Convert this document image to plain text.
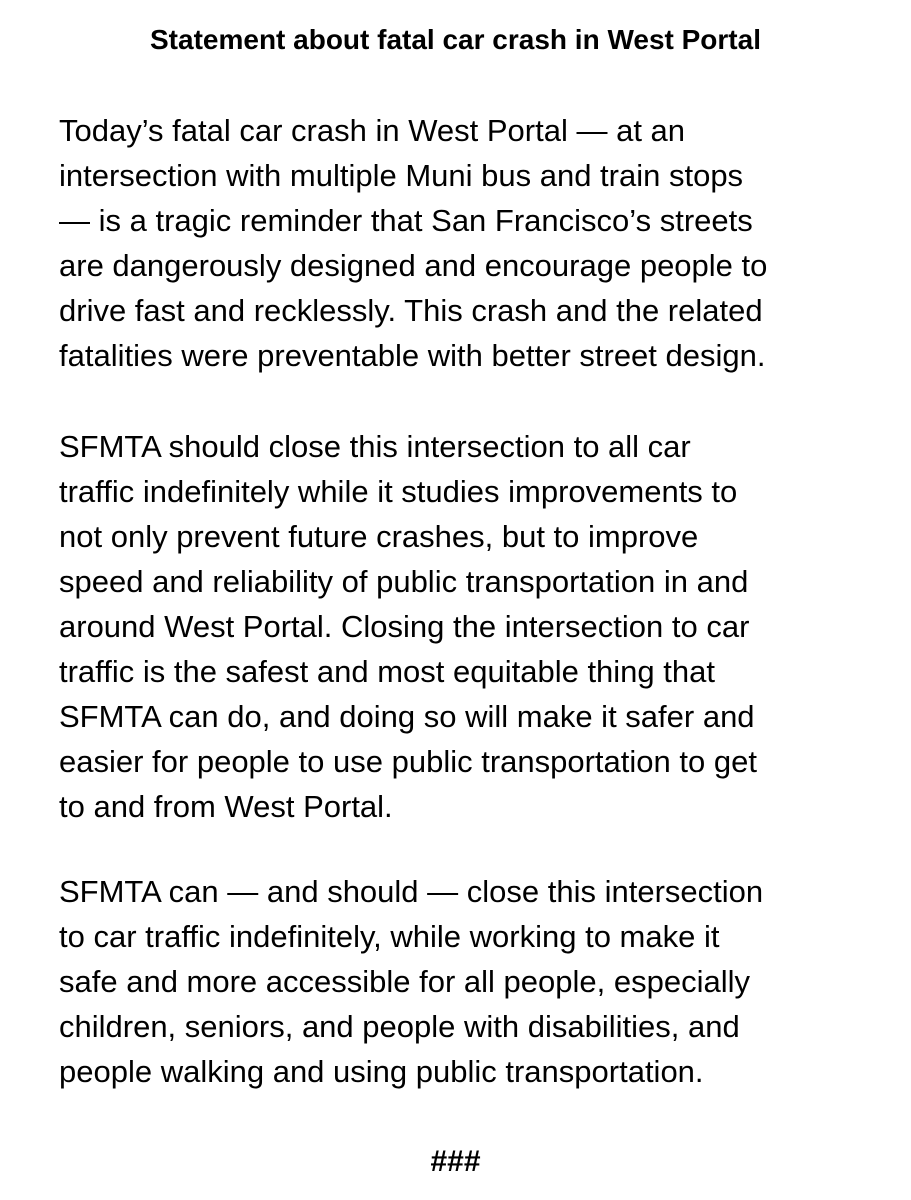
Statement about fatal car crash in West Portal
Today’s fatal car crash in West Portal — at an
intersection with multiple Muni bus and train stops
— is a tragic reminder that San Francisco’s streets
are dangerously designed and encourage people to
drive fast and recklessly. This crash and the related
fatalities were preventable with better street design.
SFMTA should close this intersection to all car
traffic indefinitely while it studies improvements to
not only prevent future crashes, but to improve
speed and reliability of public transportation in and
around West Portal. Closing the intersection to car
traffic is the safest and most equitable thing that
SFMTA can do, and doing so will make it safer and
easier for people to use public transportation to get
to and from West Portal.
SFMTA can — and should — close this intersection
to car traffic indefinitely, while working to make it
safe and more accessible for all people, especially
children, seniors, and people with disabilities, and
people walking and using public transportation.
###
